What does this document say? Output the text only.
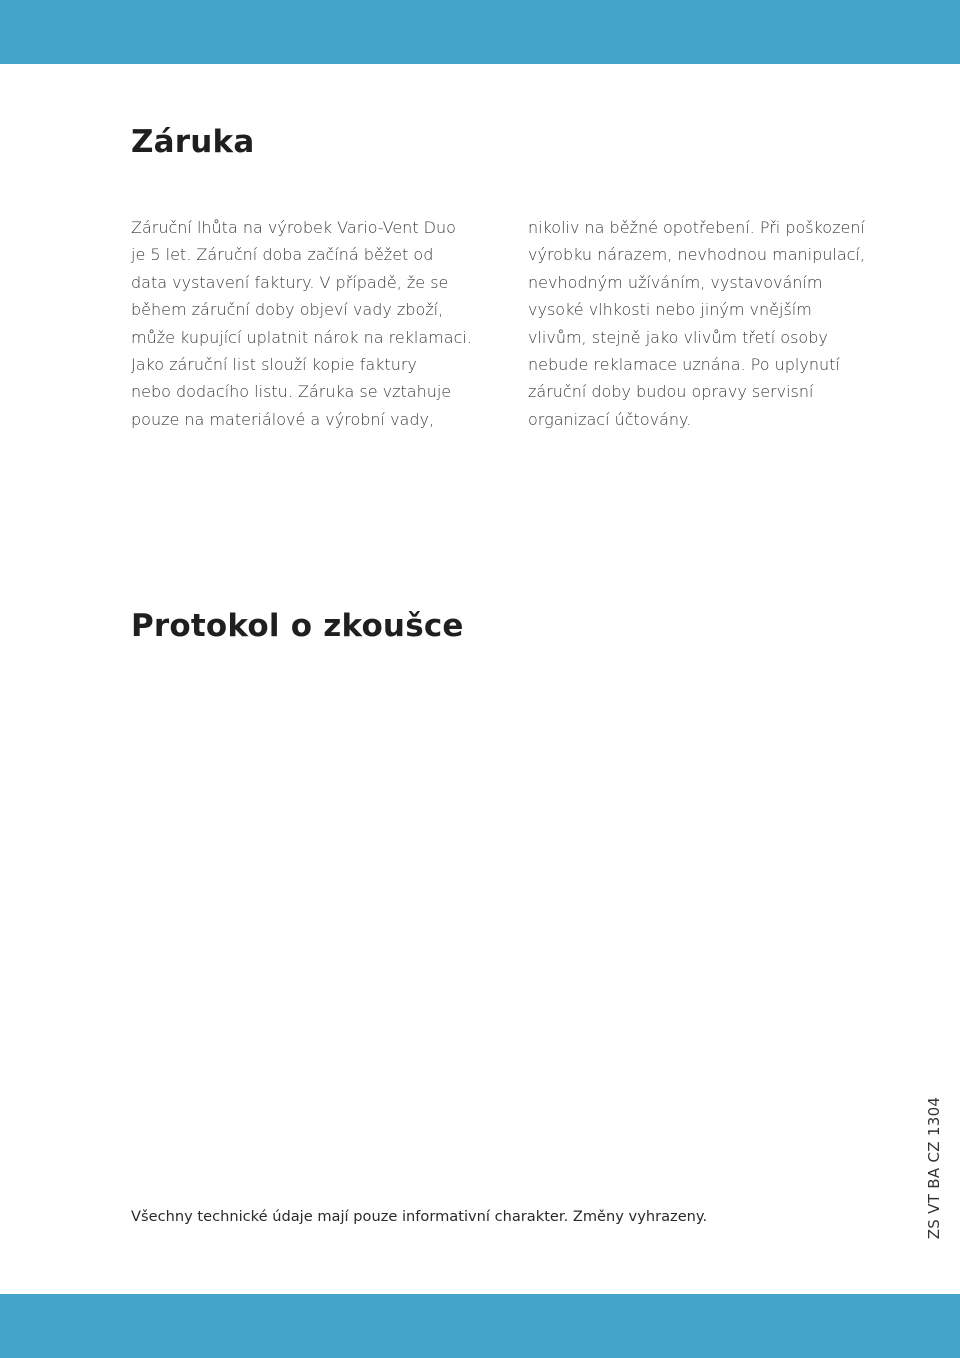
Záruka
Záruční lhůta na výrobek Vario-Vent Duo
je 5 let. Záruční doba začíná běžet od
data vystavení faktury. V případě, že se
během záruční doby objeví vady zboží,
může kupující uplatnit nárok na reklamaci.
Jako záruční list slouží kopie faktury
nebo dodacího listu. Záruka se vztahuje
pouze na materiálové a výrobní vady,
nikoliv na běžné opotřebení. Při poškození
výrobku nárazem, nevhodnou manipulací,
nevhodným užíváním, vystavováním
vysoké vlhkosti nebo jiným vnějším
vlivům, stejně jako vlivům třetí osoby
nebude reklamace uznána. Po uplynutí
záruční doby budou opravy servisní
organizací účtovány.
Protokol o zkoušce
Všechny technické údaje mají pouze informativní charakter. Změny vyhrazeny.	ZS VT BA CZ 1304
